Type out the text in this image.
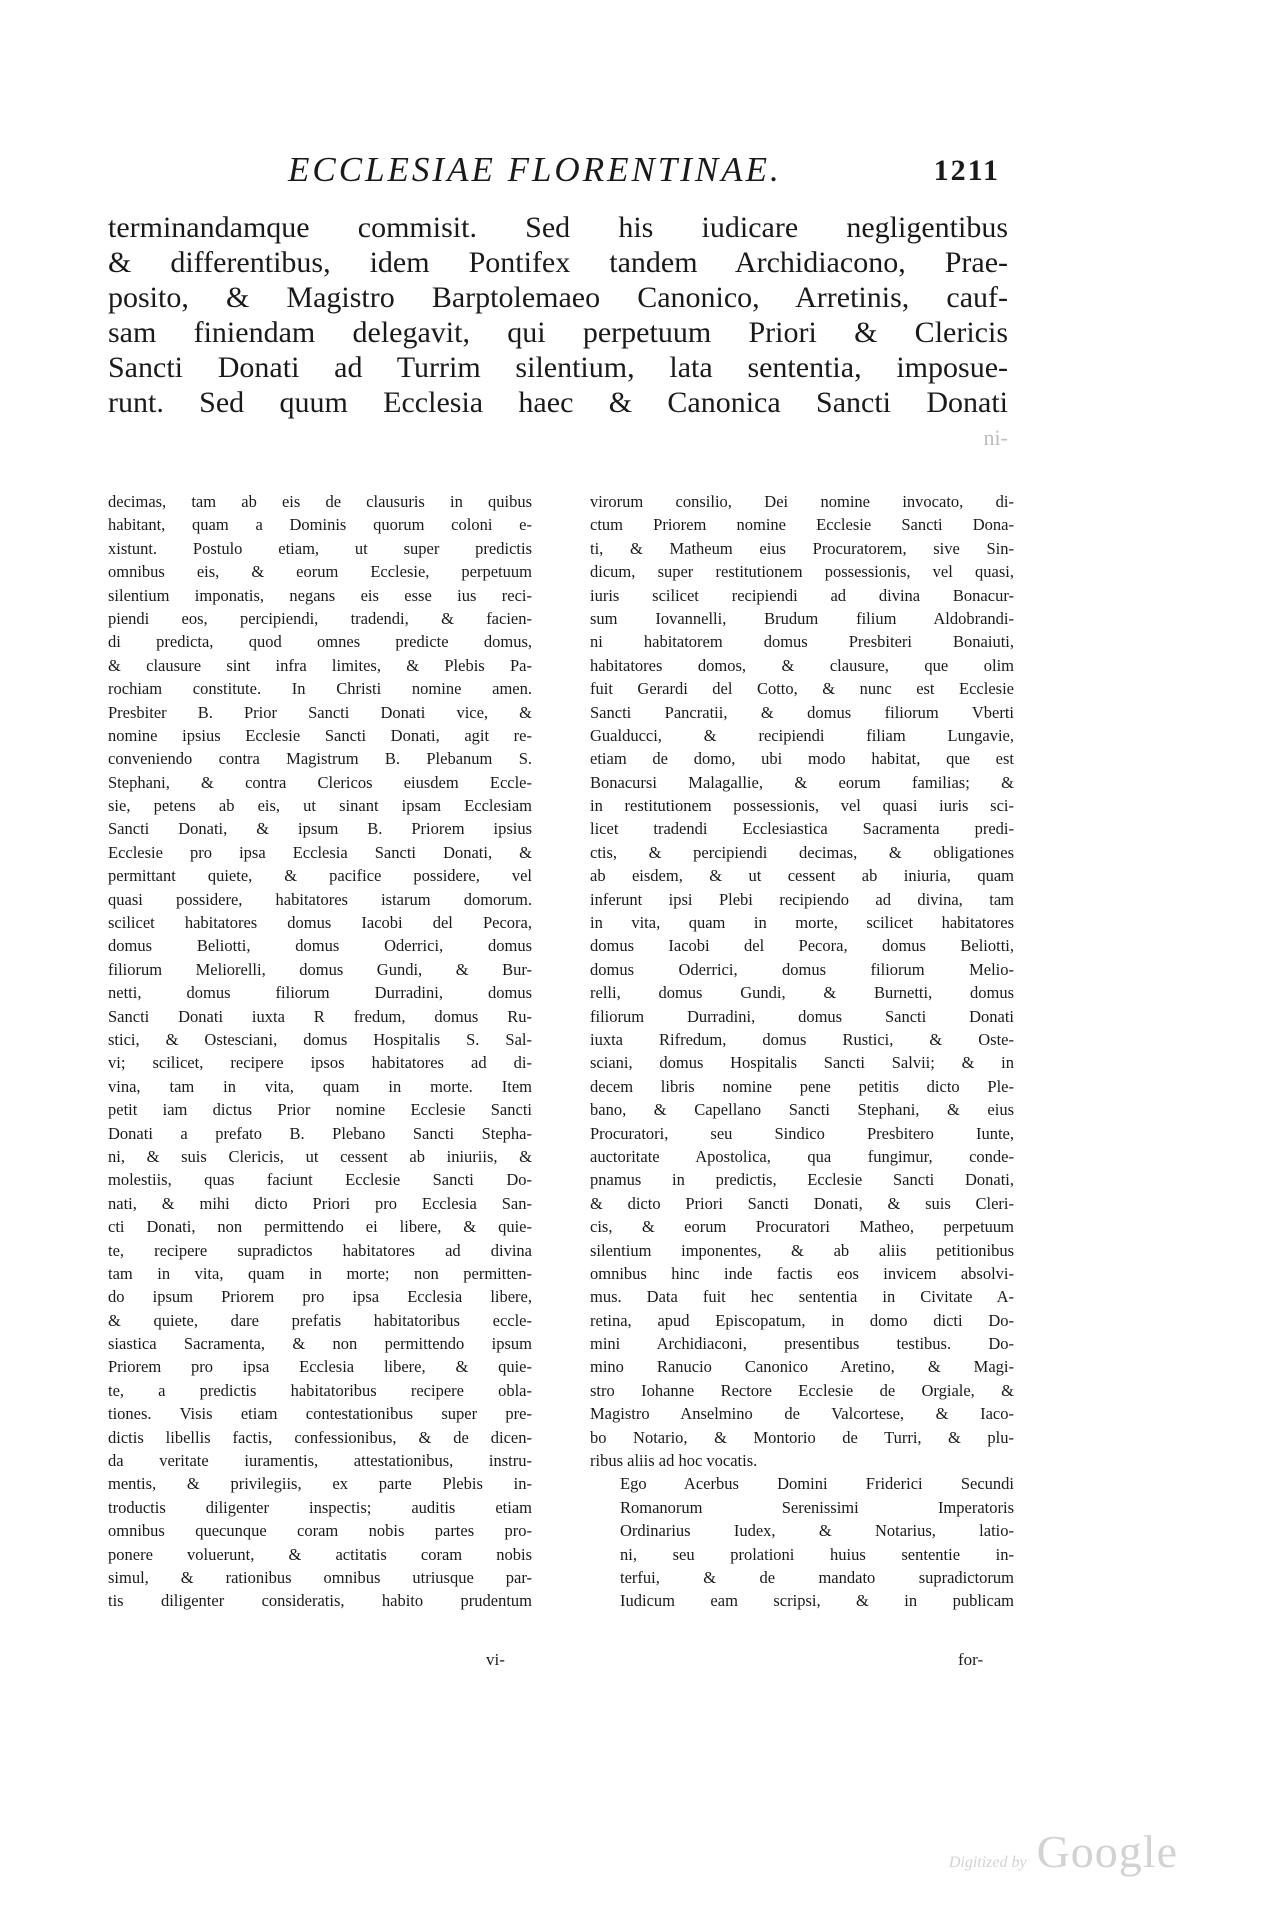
ECCLESIAE FLORENTINAE.	1211
terminandamque commisit. Sed his iudicare negligentibus
& differentibus, idem Pontifex tandem Archidiacono, Prae-
posito, & Magistro Barptolemaeo Canonico, Arretinis, cauf-
sam finiendam delegavit, qui perpetuum Priori & Clericis
Sancti Donati ad Turrim silentium, lata sententia, imposue-
runt. Sed quum Ecclesia haec & Canonica Sancti Donati
ni-
decimas, tam ab eis de clausuris in quibus
habitant, quam a Dominis quorum coloni e-
xistunt. Postulo etiam, ut super predictis
omnibus eis, & eorum Ecclesie, perpetuum
silentium imponatis, negans eis esse ius reci-
piendi eos, percipiendi, tradendi, & facien-
di predicta, quod omnes predicte domus,
& clausure sint infra limites, & Plebis Pa-
rochiam constitute. In Christi nomine amen.
Presbiter B. Prior Sancti Donati vice, &
nomine ipsius Ecclesie Sancti Donati, agit re-
conveniendo contra Magistrum B. Plebanum S.
Stephani, & contra Clericos eiusdem Eccle-
sie, petens ab eis, ut sinant ipsam Ecclesiam
Sancti Donati, & ipsum B. Priorem ipsius
Ecclesie pro ipsa Ecclesia Sancti Donati, &
permittant quiete, & pacifice possidere, vel
quasi possidere, habitatores istarum domorum.
scilicet habitatores domus Iacobi del Pecora,
domus Beliotti, domus Oderrici, domus
filiorum Meliorelli, domus Gundi, & Bur-
netti, domus filiorum Durradini, domus
Sancti Donati iuxta R fredum, domus Ru-
stici, & Ostesciani, domus Hospitalis S. Sal-
vi; scilicet, recipere ipsos habitatores ad di-
vina, tam in vita, quam in morte. Item
petit iam dictus Prior nomine Ecclesie Sancti
Donati a prefato B. Plebano Sancti Stepha-
ni, & suis Clericis, ut cessent ab iniuriis, &
molestiis, quas faciunt Ecclesie Sancti Do-
nati, & mihi dicto Priori pro Ecclesia San-
cti Donati, non permittendo ei libere, & quie-
te, recipere supradictos habitatores ad divina
tam in vita, quam in morte; non permitten-
do ipsum Priorem pro ipsa Ecclesia libere,
& quiete, dare prefatis habitatoribus eccle-
siastica Sacramenta, & non permittendo ipsum
Priorem pro ipsa Ecclesia libere, & quie-
te, a predictis habitatoribus recipere obla-
tiones. Visis etiam contestationibus super pre-
dictis libellis factis, confessionibus, & de dicen-
da veritate iuramentis, attestationibus, instru-
mentis, & privilegiis, ex parte Plebis in-
troductis diligenter inspectis; auditis etiam
omnibus quecunque coram nobis partes pro-
ponere voluerunt, & actitatis coram nobis
simul, & rationibus omnibus utriusque par-
tis diligenter consideratis, habito prudentum
virorum consilio, Dei nomine invocato, di-
ctum Priorem nomine Ecclesie Sancti Dona-
ti, & Matheum eius Procuratorem, sive Sin-
dicum, super restitutionem possessionis, vel quasi,
iuris scilicet recipiendi ad divina Bonacur-
sum Iovannelli, Brudum filium Aldobrandi-
ni habitatorem domus Presbiteri Bonaiuti,
habitatores domos, & clausure, que olim
fuit Gerardi del Cotto, & nunc est Ecclesie
Sancti Pancratii, & domus filiorum Vberti
Gualducci, & recipiendi filiam Lungavie,
etiam de domo, ubi modo habitat, que est
Bonacursi Malagallie, & eorum familias; &
in restitutionem possessionis, vel quasi iuris sci-
licet tradendi Ecclesiastica Sacramenta predi-
ctis, & percipiendi decimas, & obligationes
ab eisdem, & ut cessent ab iniuria, quam
inferunt ipsi Plebi recipiendo ad divina, tam
in vita, quam in morte, scilicet habitatores
domus Iacobi del Pecora, domus Beliotti,
domus Oderrici, domus filiorum Melio-
relli, domus Gundi, & Burnetti, domus
filiorum Durradini, domus Sancti Donati
iuxta Rifredum, domus Rustici, & Oste-
sciani, domus Hospitalis Sancti Salvii; & in
decem libris nomine pene petitis dicto Ple-
bano, & Capellano Sancti Stephani, & eius
Procuratori, seu Sindico Presbitero Iunte,
auctoritate Apostolica, qua fungimur, conde-
pnamus in predictis, Ecclesie Sancti Donati,
& dicto Priori Sancti Donati, & suis Cleri-
cis, & eorum Procuratori Matheo, perpetuum
silentium imponentes, & ab aliis petitionibus
omnibus hinc inde factis eos invicem absolvi-
mus. Data fuit hec sententia in Civitate A-
retina, apud Episcopatum, in domo dicti Do-
mini Archidiaconi, presentibus testibus. Do-
mino Ranucio Canonico Aretino, & Magi-
stro Iohanne Rectore Ecclesie de Orgiale, &
Magistro Anselmino de Valcortese, & Iaco-
bo Notario, & Montorio de Turri, & plu-
ribus aliis ad hoc vocatis.
Ego Acerbus Domini Friderici Secundi
Romanorum Serenissimi Imperatoris
Ordinarius Iudex, & Notarius, latio-
ni, seu prolationi huius sententie in-
terfui, & de mandato supradictorum
Iudicum eam scripsi, & in publicam
vi-	for-
Digitized by Google
